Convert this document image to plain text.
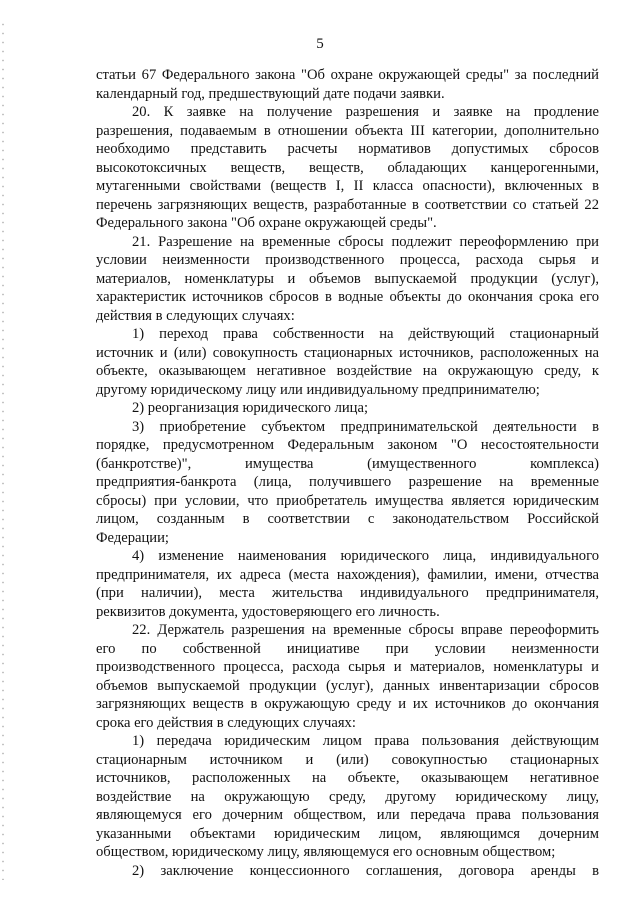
5
статьи 67 Федерального закона "Об охране окружающей среды" за последний
календарный год, предшествующий дате подачи заявки.
20. К заявке на получение разрешения и заявке на продление
разрешения, подаваемым в отношении объекта III категории, дополнительно
необходимо представить расчеты нормативов допустимых сбросов
высокотоксичных веществ, веществ, обладающих канцерогенными,
мутагенными свойствами (веществ I, II класса опасности), включенных в
перечень загрязняющих веществ, разработанные в соответствии со статьей 22
Федерального закона "Об охране окружающей среды".
21. Разрешение на временные сбросы подлежит переоформлению при
условии неизменности производственного процесса, расхода сырья и
материалов, номенклатуры и объемов выпускаемой продукции (услуг),
характеристик источников сбросов в водные объекты до окончания срока его
действия в следующих случаях:
1) переход права собственности на действующий стационарный
источник и (или) совокупность стационарных источников, расположенных на
объекте, оказывающем негативное воздействие на окружающую среду, к
другому юридическому лицу или индивидуальному предпринимателю;
2) реорганизация юридического лица;
3) приобретение субъектом предпринимательской деятельности в
порядке, предусмотренном Федеральным законом "О несостоятельности
(банкротстве)", имущества (имущественного комплекса)
предприятия-банкрота (лица, получившего разрешение на временные
сбросы) при условии, что приобретатель имущества является юридическим
лицом, созданным в соответствии с законодательством Российской
Федерации;
4) изменение наименования юридического лица, индивидуального
предпринимателя, их адреса (места нахождения), фамилии, имени, отчества
(при наличии), места жительства индивидуального предпринимателя,
реквизитов документа, удостоверяющего его личность.
22. Держатель разрешения на временные сбросы вправе переоформить
его по собственной инициативе при условии неизменности
производственного процесса, расхода сырья и материалов, номенклатуры и
объемов выпускаемой продукции (услуг), данных инвентаризации сбросов
загрязняющих веществ в окружающую среду и их источников до окончания
срока его действия в следующих случаях:
1) передача юридическим лицом права пользования действующим
стационарным источником и (или) совокупностью стационарных
источников, расположенных на объекте, оказывающем негативное
воздействие на окружающую среду, другому юридическому лицу,
являющемуся его дочерним обществом, или передача права пользования
указанными объектами юридическим лицом, являющимся дочерним
обществом, юридическому лицу, являющемуся его основным обществом;
2) заключение концессионного соглашения, договора аренды в
